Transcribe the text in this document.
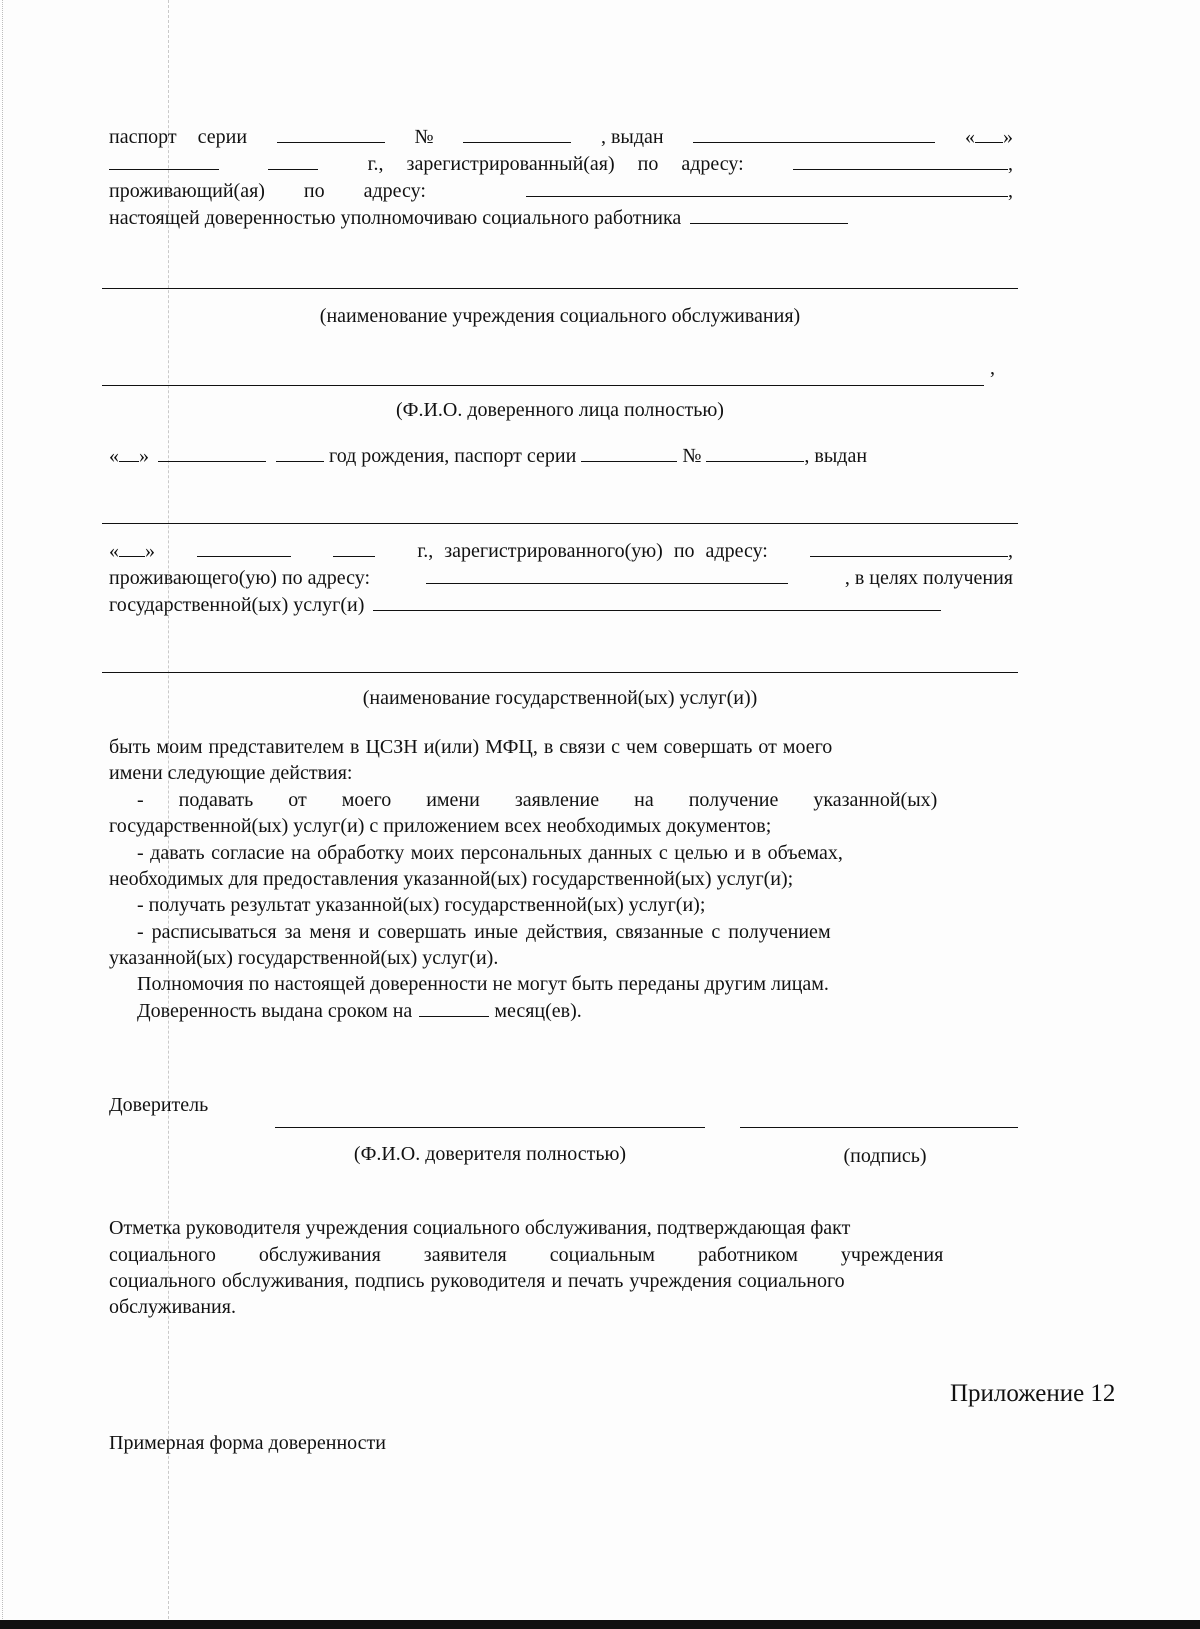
паспорт серии	№	, выдан	« »
г., зарегистрированный(ая) по адресу:	,
проживающий(ая) по адресу:	,
настоящей доверенностью уполномочиваю социального работника
(наименование учреждения социального обслуживания)
,
(Ф.И.О. доверенного лица полностью)
« »	год рождения, паспорт серии	№	, выдан
« »	г., зарегистрированного(ую) по адресу:	,
проживающего(ую) по адресу:	, в целях получения
государственной(ых) услуг(и)
(наименование государственной(ых) услуг(и))
быть моим представителем в ЦСЗН и(или) МФЦ, в связи с чем совершать от моего
имени следующие действия:
- подавать от моего имени заявление на получение указанной(ых)
государственной(ых) услуг(и) с приложением всех необходимых документов;
- давать согласие на обработку моих персональных данных с целью и в объемах,
необходимых для предоставления указанной(ых) государственной(ых) услуг(и);
- получать результат указанной(ых) государственной(ых) услуг(и);
- расписываться за меня и совершать иные действия, связанные с получением
указанной(ых) государственной(ых) услуг(и).
Полномочия по настоящей доверенности не могут быть переданы другим лицам.
Доверенность выдана сроком на	месяц(ев).
Доверитель
(Ф.И.О. доверителя полностью)	(подпись)
Отметка руководителя учреждения социального обслуживания, подтверждающая факт
социального обслуживания заявителя социальным работником учреждения
социального обслуживания, подпись руководителя и печать учреждения социального
обслуживания.
Приложение 12
Примерная форма доверенности
